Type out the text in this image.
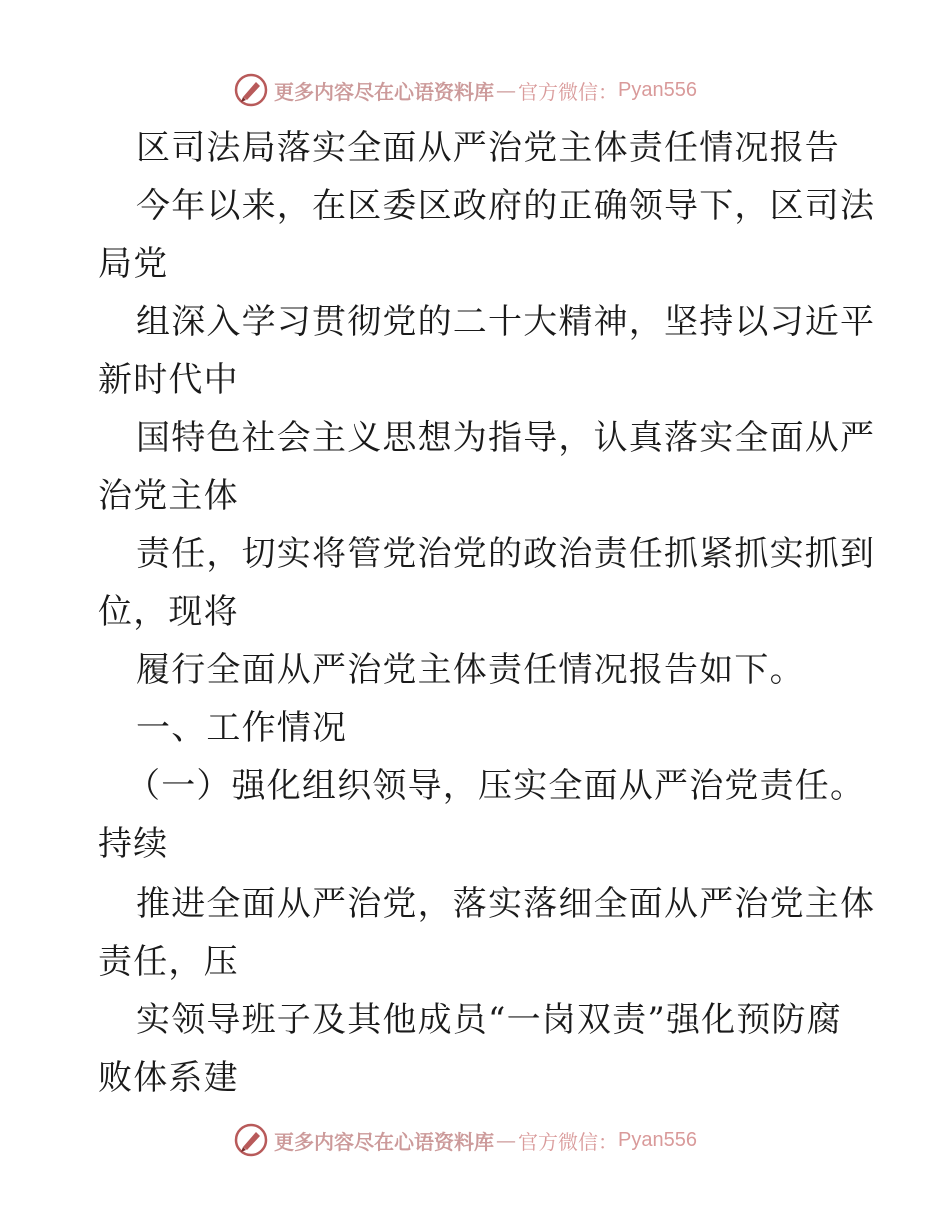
更多内容尽在心语资料库 — 官方微信： Pyan556
区司法局落实全面从严治党主体责任情况报告
今年以来，在区委区政府的正确领导下，区司法
局党
组深入学习贯彻党的二十大精神，坚持以习近平
新时代中
国特色社会主义思想为指导，认真落实全面从严
治党主体
责任，切实将管党治党的政治责任抓紧抓实抓到
位，现将
履行全面从严治党主体责任情况报告如下。
一、工作情况
（一）强化组织领导，压实全面从严治党责任。
持续
推进全面从严治党，落实落细全面从严治党主体
责任，压
实领导班子及其他成员“一岗双责”强化预防腐
败体系建
更多内容尽在心语资料库 — 官方微信： Pyan556
